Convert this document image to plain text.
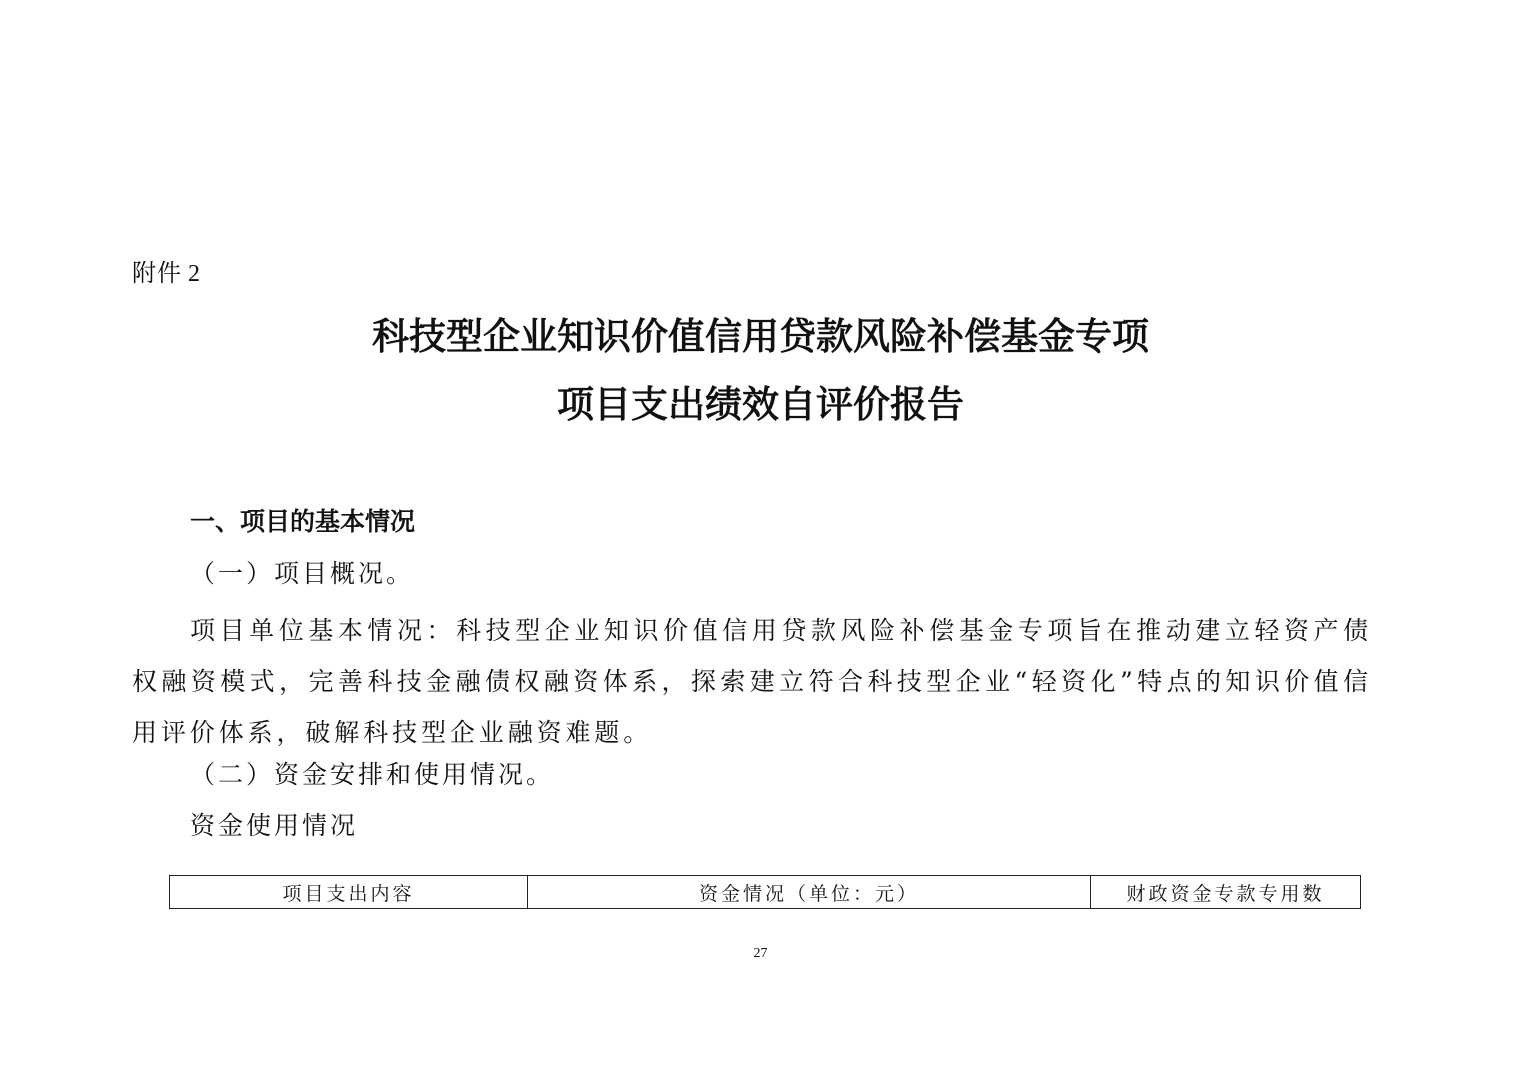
附件 2
科技型企业知识价值信用贷款风险补偿基金专项
项目支出绩效自评价报告
一、项目的基本情况
（一）项目概况。
项目单位基本情况：科技型企业知识价值信用贷款风险补偿基金专项旨在推动建立轻资产债权融资模式，完善科技金融债权融资体系，探索建立符合科技型企业“轻资化”特点的知识价值信用评价体系，破解科技型企业融资难题。
（二）资金安排和使用情况。
资金使用情况
项目支出内容	资金情况（单位：元）	财政资金专款专用数
27
